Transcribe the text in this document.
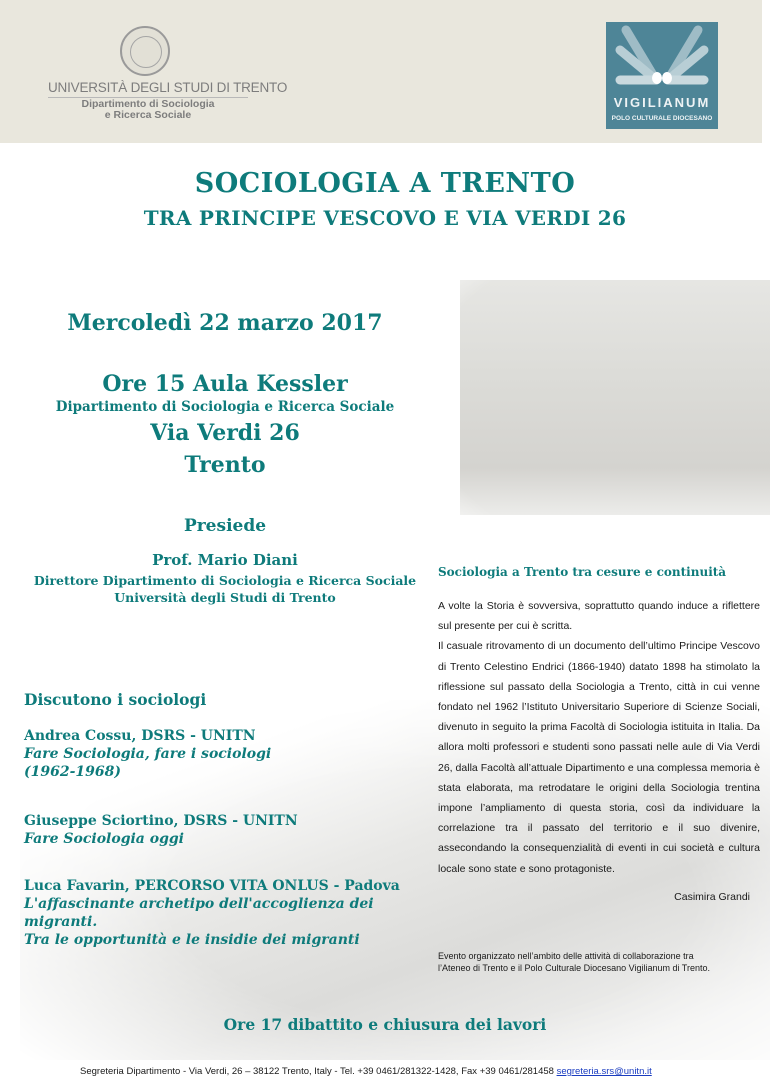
UNIVERSITÀ DEGLI STUDI DI TRENTO
Dipartimento di Sociologia
e Ricerca Sociale
VIGILIANUM
POLO CULTURALE DIOCESANO
SOCIOLOGIA A TRENTO
TRA PRINCIPE VESCOVO E VIA VERDI 26
Mercoledì 22 marzo 2017
Ore 15 Aula Kessler
Dipartimento di Sociologia e Ricerca Sociale
Via Verdi 26
Trento
Presiede
Prof. Mario Diani
Direttore Dipartimento di Sociologia e Ricerca Sociale
Università degli Studi di Trento
Discutono i sociologi
Andrea Cossu, DSRS - UNITN
Fare Sociologia, fare i sociologi
(1962-1968)
Giuseppe Sciortino, DSRS - UNITN
Fare Sociologia oggi
Luca Favarin, PERCORSO VITA ONLUS - Padova
L'affascinante archetipo dell'accoglienza dei
migranti.
Tra le opportunità e le insidie dei migranti
Sociologia a Trento tra cesure e continuità

A volte la Storia è sovversiva, soprattutto quando induce a riflettere sul presente per cui è scritta.

Il casuale ritrovamento di un documento dell’ultimo Principe Vescovo di Trento Celestino Endrici (1866-1940) datato 1898 ha stimolato la riflessione sul passato della Sociologia a Trento, città in cui venne fondato nel 1962 l’Istituto Universitario Superiore di Scienze Sociali, divenuto in seguito la prima Facoltà di Sociologia istituita in Italia. Da allora molti professori e studenti sono passati nelle aule di Via Verdi 26, dalla Facoltà all’attuale Dipartimento e una complessa memoria è stata elaborata, ma retrodatare le origini della Sociologia trentina impone l’ampliamento di questa storia, così da individuare la correlazione tra il passato del territorio e il suo divenire, assecondando la consequenzialità di eventi in cui società e cultura locale sono state e sono protagoniste.

Casimira Grandi
Evento organizzato nell’ambito delle attività di collaborazione tra
l’Ateneo di Trento e il Polo Culturale Diocesano Vigilianum di Trento.
Ore 17 dibattito e chiusura dei lavori
Segreteria Dipartimento - Via Verdi, 26 – 38122 Trento, Italy - Tel. +39 0461/281322-1428, Fax +39 0461/281458 segreteria.srs@unitn.it
